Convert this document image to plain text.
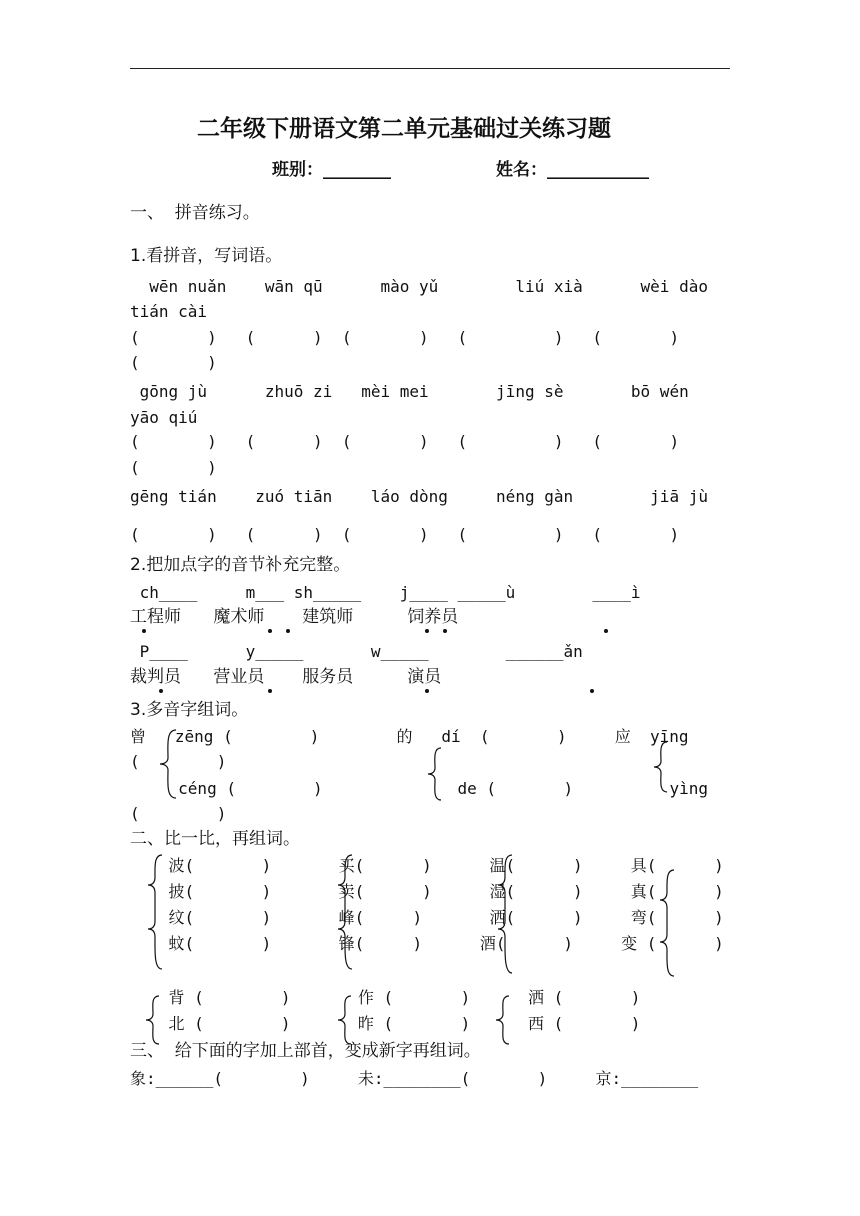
二年级下册语文第二单元基础过关练习题
班别：________	姓名：____________
一、  拼音练习。
1.看拼音，写词语。
wēn nuǎn    wān qū      mào yǔ        liú xià      wèi dào
tián cài
(       )   (      )  (       )   (         )   (       )
(       )
gōng jù      zhuō zi   mèi mei       jīng sè       bō wén
yāo qiú
(       )   (      )  (       )   (         )   (       )
(       )
gēng tián    zuó tiān    láo dòng     néng gàn        jiā jù
(       )   (      )  (       )   (         )   (       )
2.把加点字的音节补充完整。
ch____     m___ sh_____    j____ _____ù        ____ì
工程师      魔术师       建筑师          饲养员
P____      y_____       w_____        ______ǎn
裁判员      营业员       服务员          演员
3.多音字组词。
曾   zēng (        )        的   dí  (       )     应  yīng
(        )
céng (        )              de (       )          yìng
(        )
二、比一比，再组词。
波(       )       买(      )      温(      )     具(      )
披(       )       卖(      )      湿(      )     真(      )
纹(       )       峰(     )       洒(      )     弯(      )
蚊(       )       锋(     )      酒(      )     变 (      )
背 (        )       作 (       )      洒 (       )
北 (        )       昨 (       )      西 (       )
三、  给下面的字加上部首，变成新字再组词。
象:______(        )     未:________(       )     京:________
